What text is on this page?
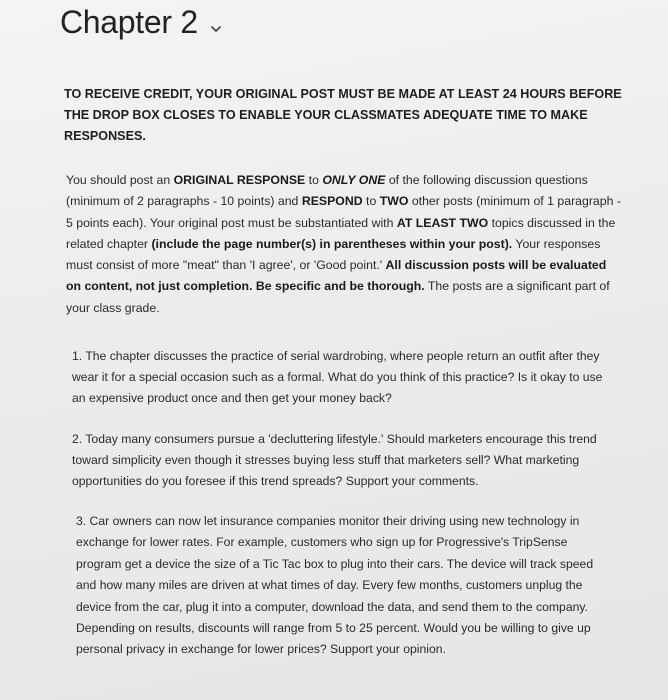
Chapter 2
TO RECEIVE CREDIT, YOUR ORIGINAL POST MUST BE MADE AT LEAST 24 HOURS BEFORE THE DROP BOX CLOSES TO ENABLE YOUR CLASSMATES ADEQUATE TIME TO MAKE RESPONSES.
You should post an ORIGINAL RESPONSE to ONLY ONE of the following discussion questions (minimum of 2 paragraphs - 10 points) and RESPOND to TWO other posts (minimum of 1 paragraph - 5 points each). Your original post must be substantiated with AT LEAST TWO topics discussed in the related chapter (include the page number(s) in parentheses within your post). Your responses must consist of more "meat" than 'I agree', or 'Good point.' All discussion posts will be evaluated on content, not just completion. Be specific and be thorough. The posts are a significant part of your class grade.
1. The chapter discusses the practice of serial wardrobing, where people return an outfit after they wear it for a special occasion such as a formal. What do you think of this practice? Is it okay to use an expensive product once and then get your money back?
2. Today many consumers pursue a 'decluttering lifestyle.' Should marketers encourage this trend toward simplicity even though it stresses buying less stuff that marketers sell? What marketing opportunities do you foresee if this trend spreads? Support your comments.
3. Car owners can now let insurance companies monitor their driving using new technology in exchange for lower rates. For example, customers who sign up for Progressive's TripSense program get a device the size of a Tic Tac box to plug into their cars. The device will track speed and how many miles are driven at what times of day. Every few months, customers unplug the device from the car, plug it into a computer, download the data, and send them to the company. Depending on results, discounts will range from 5 to 25 percent. Would you be willing to give up personal privacy in exchange for lower prices? Support your opinion.
